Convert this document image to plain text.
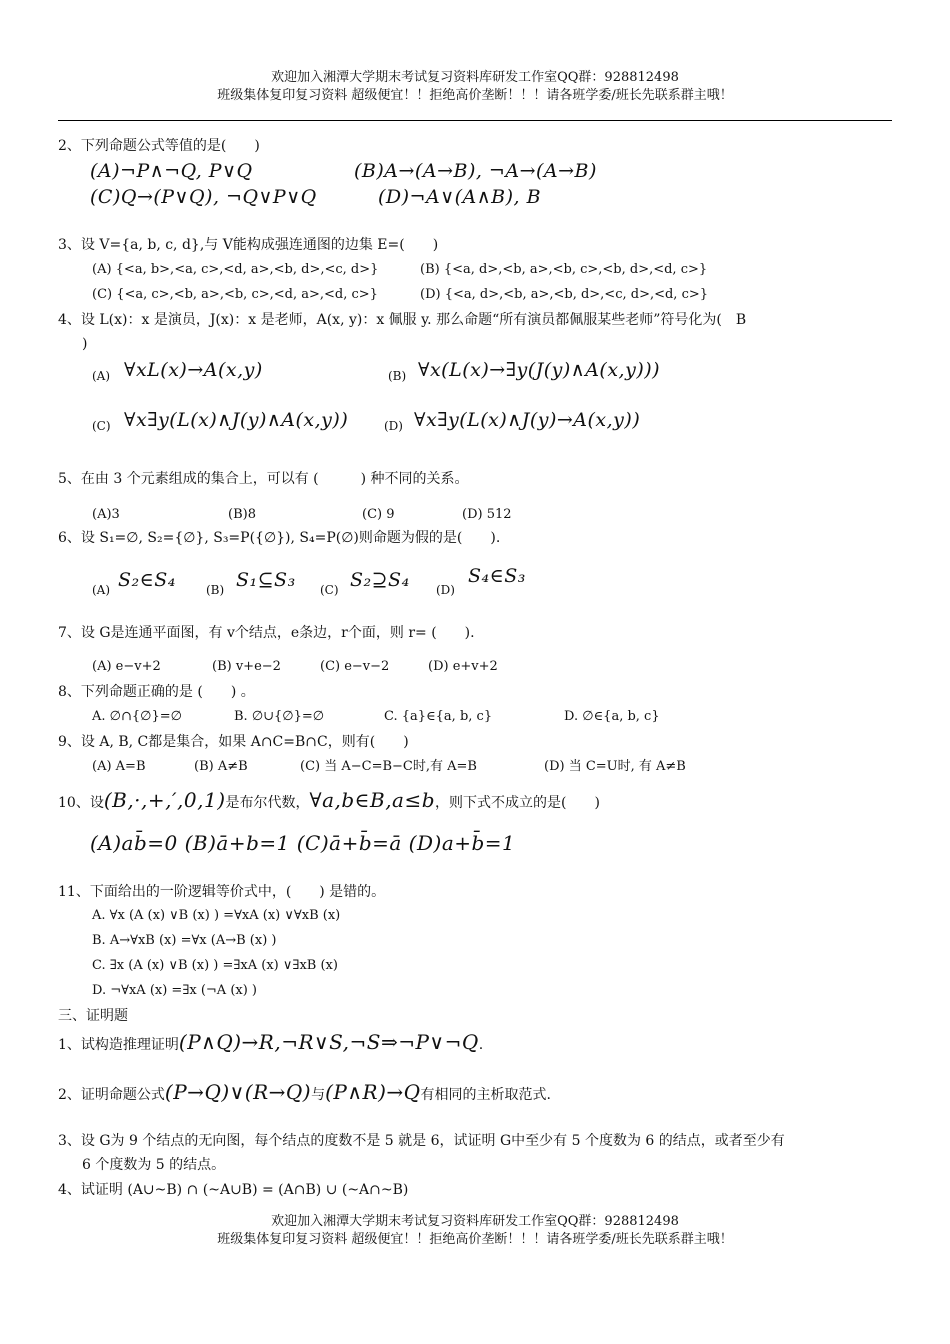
欢迎加入湘潭大学期末考试复习资料库研发工作室QQ群：928812498
班级集体复印复习资料 超级便宜！！拒绝高价垄断！！！请各班学委/班长先联系群主哦！
2、下列命题公式等值的是(　　)
(A)¬P∧¬Q, P∨Q	(B)A→(A→B), ¬A→(A→B)
(C)Q→(P∨Q), ¬Q∨P∨Q	(D)¬A∨(A∧B), B
3、设 V={a, b, c, d},与 V能构成强连通图的边集 E=(　　)
(A) {<a, b>,<a, c>,<d, a>,<b, d>,<c, d>}	(B) {<a, d>,<b, a>,<b, c>,<b, d>,<d, c>}
(C) {<a, c>,<b, a>,<b, c>,<d, a>,<d, c>}	(D) {<a, d>,<b, a>,<b, d>,<c, d>,<d, c>}
4、设 L(x)：x 是演员，J(x)：x 是老师，A(x, y)：x 佩服 y. 那么命题“所有演员都佩服某些老师”符号化为(　B
)
(A) ∀xL(x)→A(x,y)	(B) ∀x(L(x)→∃y(J(y)∧A(x,y)))
(C) ∀x∃y(L(x)∧J(y)∧A(x,y))	(D) ∀x∃y(L(x)∧J(y)→A(x,y))
5、在由 3 个元素组成的集合上，可以有 (　　　) 种不同的关系。
(A)3	(B)8	(C) 9	(D) 512
6、设 S₁=∅, S₂={∅}, S₃=P({∅}), S₄=P(∅)则命题为假的是(　　).
(A) S₂∈S₄	(B) S₁⊆S₃ (C) S₂⊇S₄ (D)
S₄∈S₃
7、设 G是连通平面图，有 v个结点，e条边，r个面，则 r= (　　).
(A) e−v+2	(B) v+e−2	(C) e−v−2	(D) e+v+2
8、下列命题正确的是 (　　) 。
A. ∅∩{∅}=∅	B. ∅∪{∅}=∅	C. {a}∈{a, b, c}	D. ∅∈{a, b, c}
9、设 A, B, C都是集合，如果 A∩C=B∩C，则有(　　)
(A) A=B	(B) A≠B	(C) 当 A−C=B−C时,有 A=B	(D) 当 C=U时, 有 A≠B
10、设(B,·,+,′,0,1)是布尔代数，∀a,b∈B,a≤b，则下式不成立的是(　　)
(A)ab̄=0 (B)ā+b=1 (C)ā+b̄=ā (D)a+b̄=1
11、下面给出的一阶逻辑等价式中，(　　) 是错的。
A. ∀x (A (x) ∨B (x) ) =∀xA (x) ∨∀xB (x)
B. A→∀xB (x) =∀x (A→B (x) )
C. ∃x (A (x) ∨B (x) ) =∃xA (x) ∨∃xB (x)
D. ¬∀xA (x) =∃x (¬A (x) )
三、证明题
1、试构造推理证明(P∧Q)→R,¬R∨S,¬S⇒¬P∨¬Q.
2、证明命题公式(P→Q)∨(R→Q)与(P∧R)→Q有相同的主析取范式.
3、设 G为 9 个结点的无向图，每个结点的度数不是 5 就是 6，试证明 G中至少有 5 个度数为 6 的结点，或者至少有
6 个度数为 5 的结点。
4、试证明 (A∪~B) ∩ (~A∪B) = (A∩B) ∪ (~A∩~B)
欢迎加入湘潭大学期末考试复习资料库研发工作室QQ群：928812498
班级集体复印复习资料 超级便宜！！拒绝高价垄断！！！请各班学委/班长先联系群主哦！
